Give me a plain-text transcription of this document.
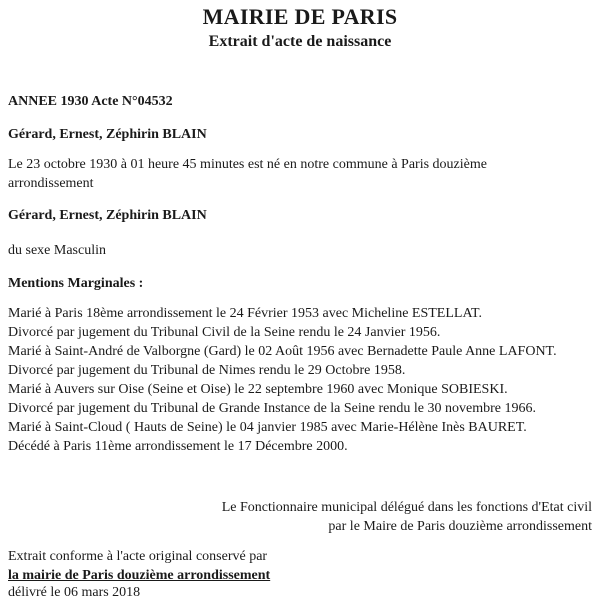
MAIRIE DE PARIS
Extrait d'acte de naissance
ANNEE 1930 Acte N°04532
Gérard, Ernest, Zéphirin BLAIN
Le 23 octobre 1930 à 01 heure 45 minutes est né en notre commune à Paris douzième
arrondissement
Gérard, Ernest, Zéphirin BLAIN
du sexe Masculin
Mentions Marginales :
Marié à Paris 18ème arrondissement le 24 Février 1953 avec Micheline ESTELLAT.
Divorcé par jugement du Tribunal Civil de la Seine rendu le 24 Janvier 1956.
Marié à Saint-André de Valborgne (Gard) le 02 Août 1956 avec Bernadette Paule Anne LAFONT.
Divorcé par jugement du Tribunal de Nimes rendu le 29 Octobre 1958.
Marié à Auvers sur Oise (Seine et Oise) le 22 septembre 1960 avec Monique SOBIESKI.
Divorcé par jugement du Tribunal de Grande Instance de la Seine rendu le 30 novembre 1966.
Marié à Saint-Cloud ( Hauts de Seine) le 04 janvier 1985 avec Marie-Hélène Inès BAURET.
Décédé à Paris 11ème arrondissement le 17 Décembre 2000.
Le Fonctionnaire municipal délégué dans les fonctions d'Etat civil
par le Maire de Paris douzième arrondissement
Extrait conforme à l'acte original conservé par
la mairie de Paris douzième arrondissement
délivré le 06 mars 2018
